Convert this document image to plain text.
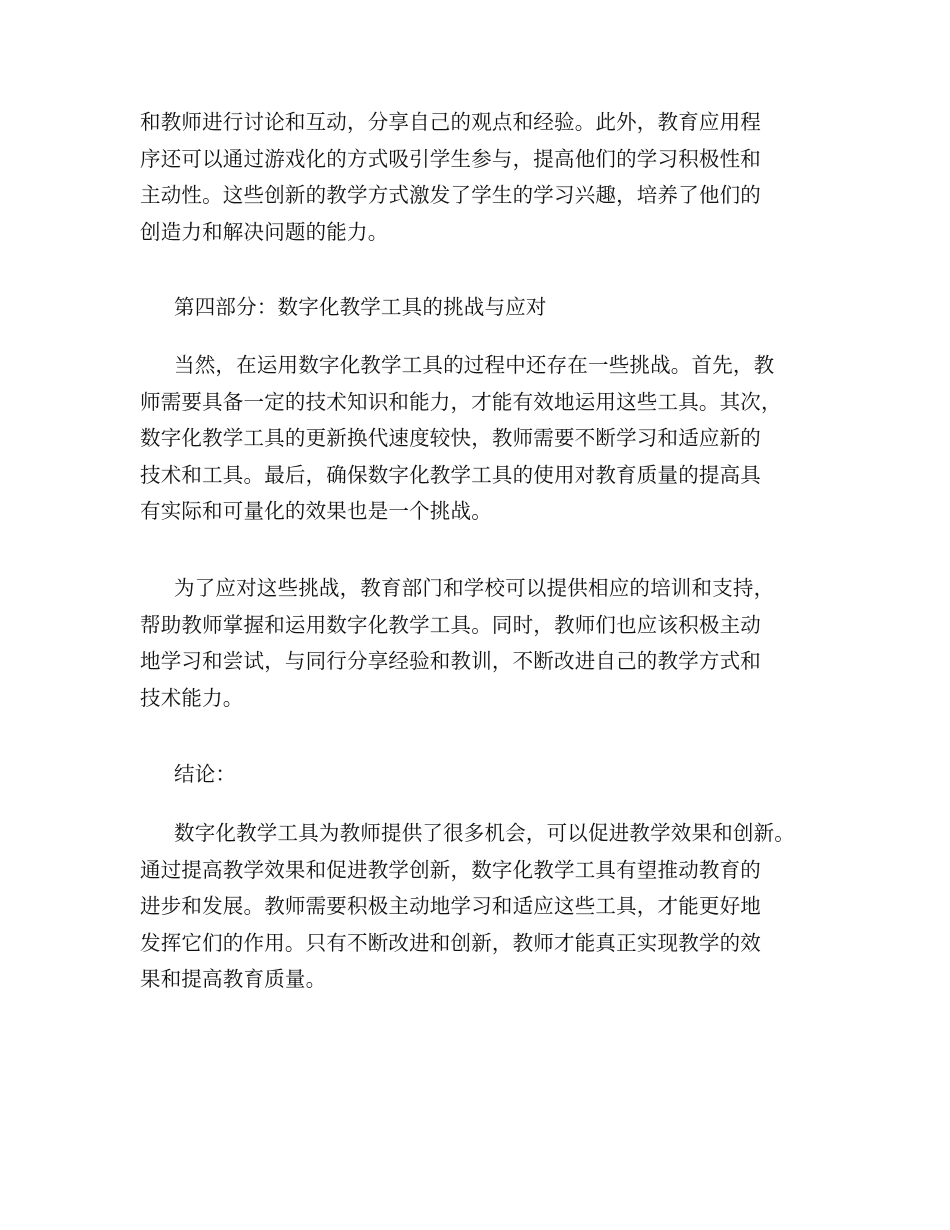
和教师进行讨论和互动，分享自己的观点和经验。此外，教育应用程
序还可以通过游戏化的方式吸引学生参与，提高他们的学习积极性和
主动性。这些创新的教学方式激发了学生的学习兴趣，培养了他们的
创造力和解决问题的能力。
第四部分：数字化教学工具的挑战与应对
当然，在运用数字化教学工具的过程中还存在一些挑战。首先，教
师需要具备一定的技术知识和能力，才能有效地运用这些工具。其次，
数字化教学工具的更新换代速度较快，教师需要不断学习和适应新的
技术和工具。最后，确保数字化教学工具的使用对教育质量的提高具
有实际和可量化的效果也是一个挑战。
为了应对这些挑战，教育部门和学校可以提供相应的培训和支持，
帮助教师掌握和运用数字化教学工具。同时，教师们也应该积极主动
地学习和尝试，与同行分享经验和教训，不断改进自己的教学方式和
技术能力。
结论：
数字化教学工具为教师提供了很多机会，可以促进教学效果和创新。
通过提高教学效果和促进教学创新，数字化教学工具有望推动教育的
进步和发展。教师需要积极主动地学习和适应这些工具，才能更好地
发挥它们的作用。只有不断改进和创新，教师才能真正实现教学的效
果和提高教育质量。
